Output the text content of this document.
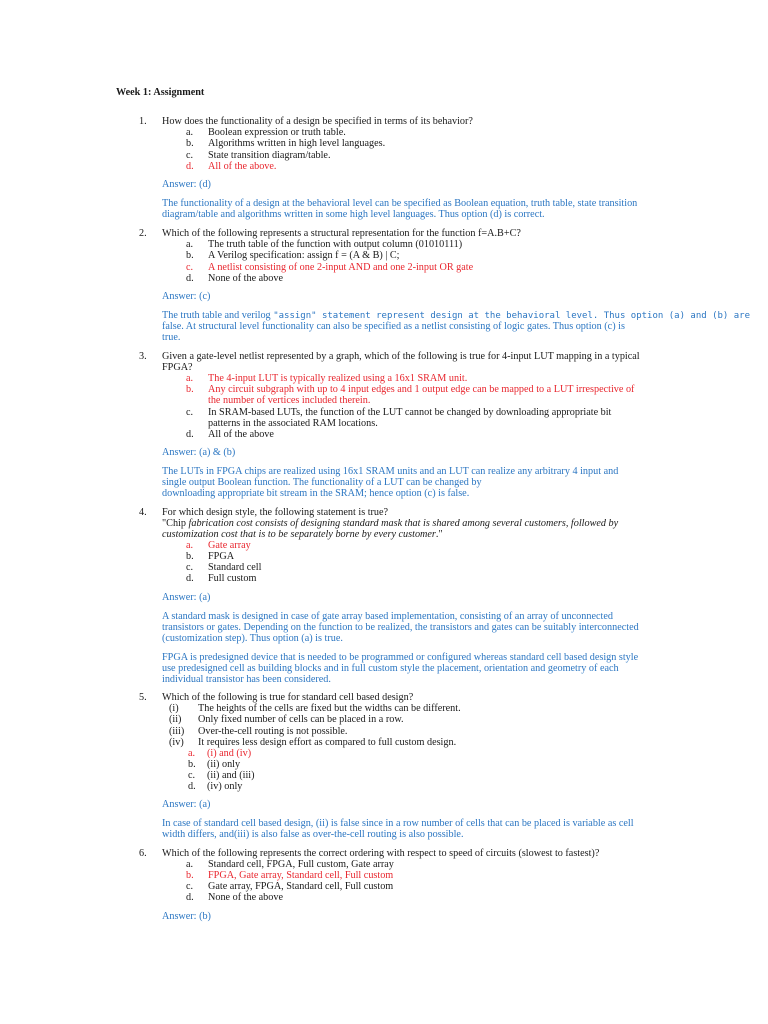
Week 1: Assignment
1. How does the functionality of a design be specified in terms of its behavior?
a. Boolean expression or truth table.
b. Algorithms written in high level languages.
c. State transition diagram/table.
d. All of the above.
Answer: (d)
The functionality of a design at the behavioral level can be specified as Boolean equation, truth table, state transition
diagram/table and algorithms written in some high level languages. Thus option (d) is correct.
2. Which of the following represents a structural representation for the function f=A.B+C?
a. The truth table of the function with output column (01010111)
b. A Verilog specification: assign f = (A & B) | C;
c. A netlist consisting of one 2-input AND and one 2-input OR gate
d. None of the above
Answer: (c)
The truth table and verilog "assign" statement represent design at the behavioral level. Thus option (a) and (b) are
false. At structural level functionality can also be specified as a netlist consisting of logic gates. Thus option (c) is
true.
3. Given a gate-level netlist represented by a graph, which of the following is true for 4-input LUT mapping in a typical
FPGA?
a. The 4-input LUT is typically realized using a 16x1 SRAM unit.
b. Any circuit subgraph with up to 4 input edges and 1 output edge can be mapped to a LUT irrespective of
the number of vertices included therein.
c. In SRAM-based LUTs, the function of the LUT cannot be changed by downloading appropriate bit
patterns in the associated RAM locations.
d. All of the above
Answer: (a) & (b)
The LUTs in FPGA chips are realized using 16x1 SRAM units and an LUT can realize any arbitrary 4 input and
single output Boolean function. The functionality of a LUT can be changed by
downloading appropriate bit stream in the SRAM; hence option (c) is false.
4. For which design style, the following statement is true?
"Chip fabrication cost consists of designing standard mask that is shared among several customers, followed by
customization cost that is to be separately borne by every customer."
a. Gate array
b. FPGA
c. Standard cell
d. Full custom
Answer: (a)
A standard mask is designed in case of gate array based implementation, consisting of an array of unconnected
transistors or gates. Depending on the function to be realized, the transistors and gates can be suitably interconnected
(customization step). Thus option (a) is true.
FPGA is predesigned device that is needed to be programmed or configured whereas standard cell based design style
use predesigned cell as building blocks and in full custom style the placement, orientation and geometry of each
individual transistor has been considered.
5. Which of the following is true for standard cell based design?
(i) The heights of the cells are fixed but the widths can be different.
(ii) Only fixed number of cells can be placed in a row.
(iii) Over-the-cell routing is not possible.
(iv) It requires less design effort as compared to full custom design.
a. (i) and (iv)
b. (ii) only
c. (ii) and (iii)
d. (iv) only
Answer: (a)
In case of standard cell based design, (ii) is false since in a row number of cells that can be placed is variable as cell
width differs, and(iii) is also false as over-the-cell routing is also possible.
6. Which of the following represents the correct ordering with respect to speed of circuits (slowest to fastest)?
a. Standard cell, FPGA, Full custom, Gate array
b. FPGA, Gate array, Standard cell, Full custom
c. Gate array, FPGA, Standard cell, Full custom
d. None of the above
Answer: (b)
